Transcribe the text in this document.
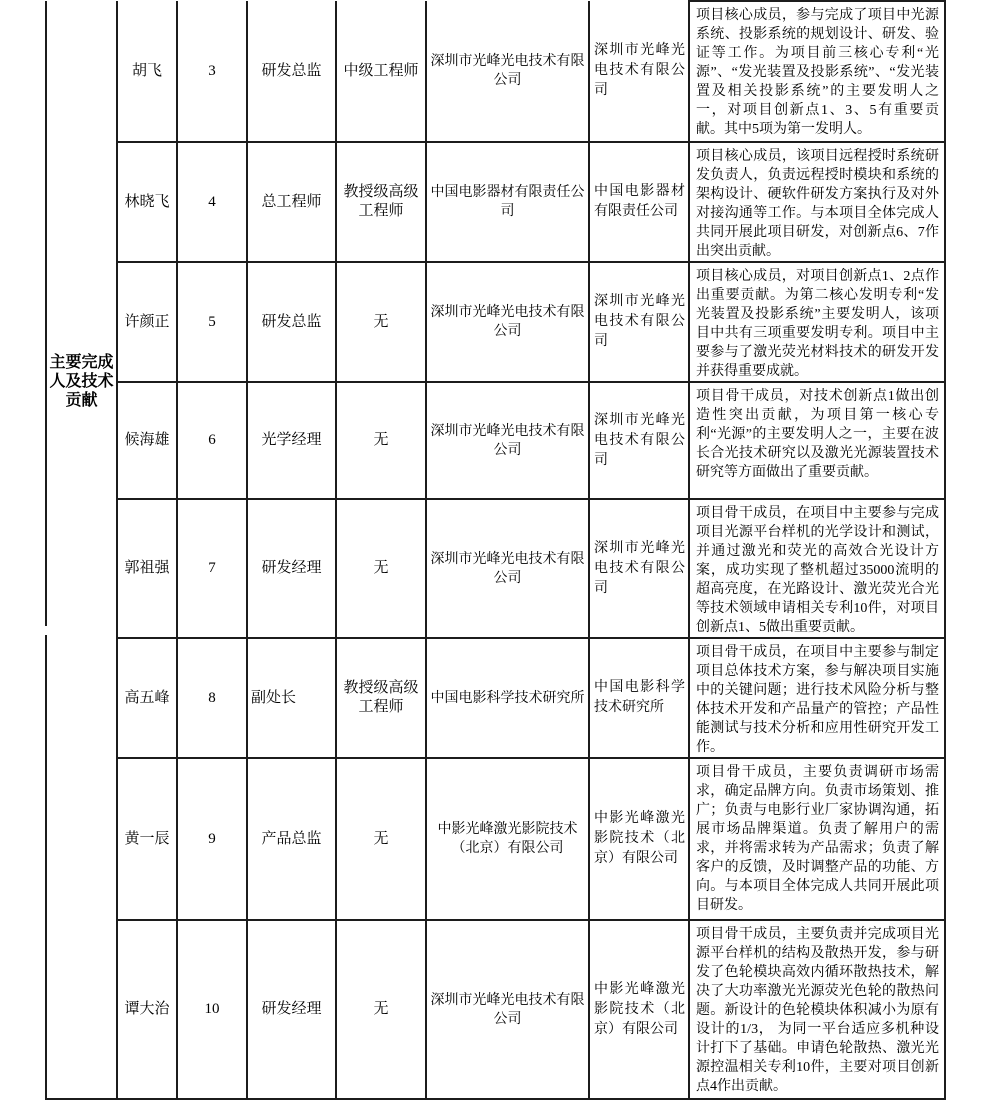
主要完成人及技术贡献	胡飞	3	研发总监	中级工程师	深圳市光峰光电技术有限公司	深圳市光峰光电技术有限公司	项目核心成员，参与完成了项目中光源系统、投影系统的规划设计、研发、验证等工作。为项目前三核心专利“光源”、“发光装置及投影系统”、“发光装置及相关投影系统”的主要发明人之一，对项目创新点1、3、5有重要贡献。其中5项为第一发明人。
	林晓飞	4	总工程师	教授级高级工程师	中国电影器材有限责任公司	中国电影器材有限责任公司	项目核心成员，该项目远程授时系统研发负责人，负责远程授时模块和系统的架构设计、硬软件研发方案执行及对外对接沟通等工作。与本项目全体完成人共同开展此项目研发，对创新点6、7作出突出贡献。
	许颜正	5	研发总监	无	深圳市光峰光电技术有限公司	深圳市光峰光电技术有限公司	项目核心成员，对项目创新点1、2点作出重要贡献。为第二核心发明专利“发光装置及投影系统”主要发明人，该项目中共有三项重要发明专利。项目中主要参与了激光荧光材料技术的研发开发并获得重要成就。
	候海雄	6	光学经理	无	深圳市光峰光电技术有限公司	深圳市光峰光电技术有限公司	项目骨干成员，对技术创新点1做出创造性突出贡献，为项目第一核心专利“光源”的主要发明人之一，主要在波长合光技术研究以及激光光源装置技术研究等方面做出了重要贡献。
	郭祖强	7	研发经理	无	深圳市光峰光电技术有限公司	深圳市光峰光电技术有限公司	项目骨干成员，在项目中主要参与完成项目光源平台样机的光学设计和测试，并通过激光和荧光的高效合光设计方案，成功实现了整机超过35000流明的超高亮度，在光路设计、激光荧光合光等技术领域申请相关专利10件，对项目创新点1、5做出重要贡献。
	高五峰	8	副处长	教授级高级工程师	中国电影科学技术研究所	中国电影科学技术研究所	项目骨干成员，在项目中主要参与制定项目总体技术方案，参与解决项目实施中的关键问题；进行技术风险分析与整体技术开发和产品量产的管控；产品性能测试与技术分析和应用性研究开发工作。
	黄一辰	9	产品总监	无	中影光峰激光影院技术（北京）有限公司	中影光峰激光影院技术（北京）有限公司	项目骨干成员，主要负责调研市场需求，确定品牌方向。负责市场策划、推广；负责与电影行业厂家协调沟通，拓展市场品牌渠道。负责了解用户的需求，并将需求转为产品需求；负责了解客户的反馈，及时调整产品的功能、方向。与本项目全体完成人共同开展此项目研发。
	谭大治	10	研发经理	无	深圳市光峰光电技术有限公司	中影光峰激光影院技术（北京）有限公司	项目骨干成员，主要负责并完成项目光源平台样机的结构及散热开发，参与研发了色轮模块高效内循环散热技术，解决了大功率激光光源荧光色轮的散热问题。新设计的色轮模块体积减小为原有设计的1/3， 为同一平台适应多机种设计打下了基础。申请色轮散热、激光光源控温相关专利10件，主要对项目创新点4作出贡献。
